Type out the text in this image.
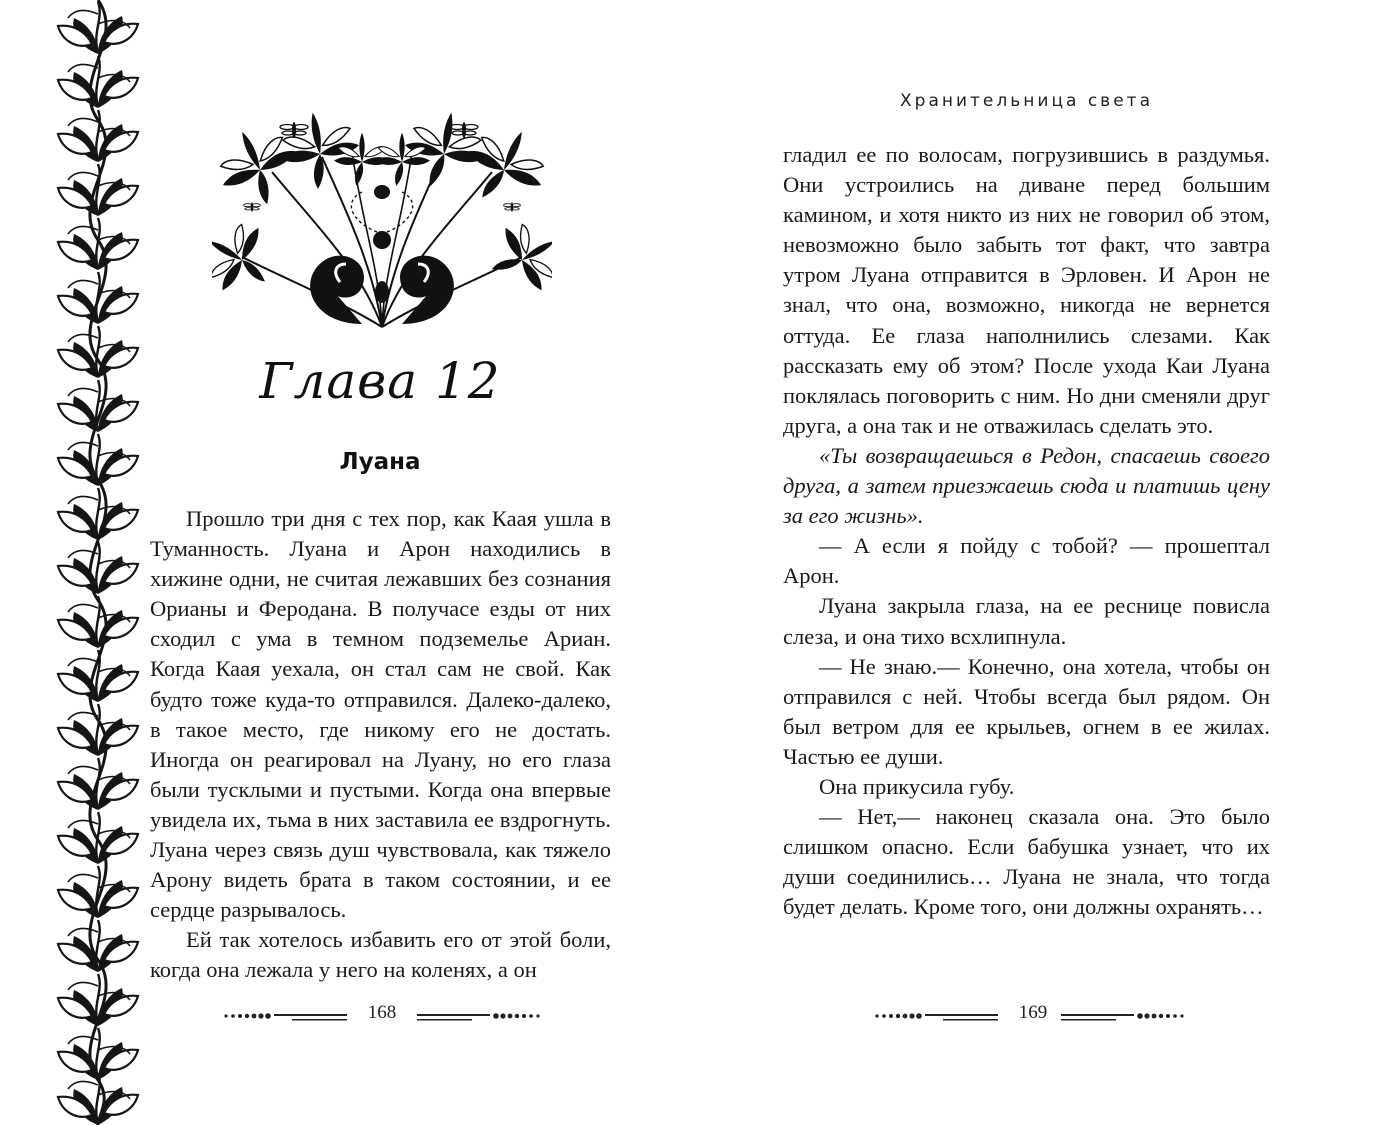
Глава 12
Луана

Прошло три дня с тех пор, как Каая ушла в Туманность. Луана и Арон находились в хижине одни, не считая лежавших без сознания Орианы и Феродана. В получасе езды от них сходил с ума в темном подземелье Ариан. Когда Каая уехала, он стал сам не свой. Как будто тоже куда-то отправился. Далеко-далеко, в такое место, где никому его не достать. Иногда он реагировал на Луану, но его глаза были тусклыми и пустыми. Когда она впервые увидела их, тьма в них заставила ее вздрогнуть. Луана через связь душ чувствовала, как тяжело Арону видеть брата в таком состоянии, и ее сердце разрывалось.

Ей так хотелось избавить его от этой боли, когда она лежала у него на коленях, а он

168
Хранительница света

гладил ее по волосам, погрузившись в раздумья. Они устроились на диване перед большим камином, и хотя никто из них не говорил об этом, невозможно было забыть тот факт, что завтра утром Луана отправится в Эрловен. И Арон не знал, что она, возможно, никогда не вернется оттуда. Ее глаза наполнились слезами. Как рассказать ему об этом? После ухода Каи Луана поклялась поговорить с ним. Но дни сменяли друг друга, а она так и не отважилась сделать это.

«Ты возвращаешься в Редон, спасаешь своего друга, а затем приезжаешь сюда и платишь цену за его жизнь».

— А если я пойду с тобой? — прошептал Арон.

Луана закрыла глаза, на ее реснице повисла слеза, и она тихо всхлипнула.

— Не знаю.— Конечно, она хотела, чтобы он отправился с ней. Чтобы всегда был рядом. Он был ветром для ее крыльев, огнем в ее жилах. Частью ее души.

Она прикусила губу.

— Нет,— наконец сказала она. Это было слишком опасно. Если бабушка узнает, что их души соединились… Луана не знала, что тогда будет делать. Кроме того, они должны охранять…

169
